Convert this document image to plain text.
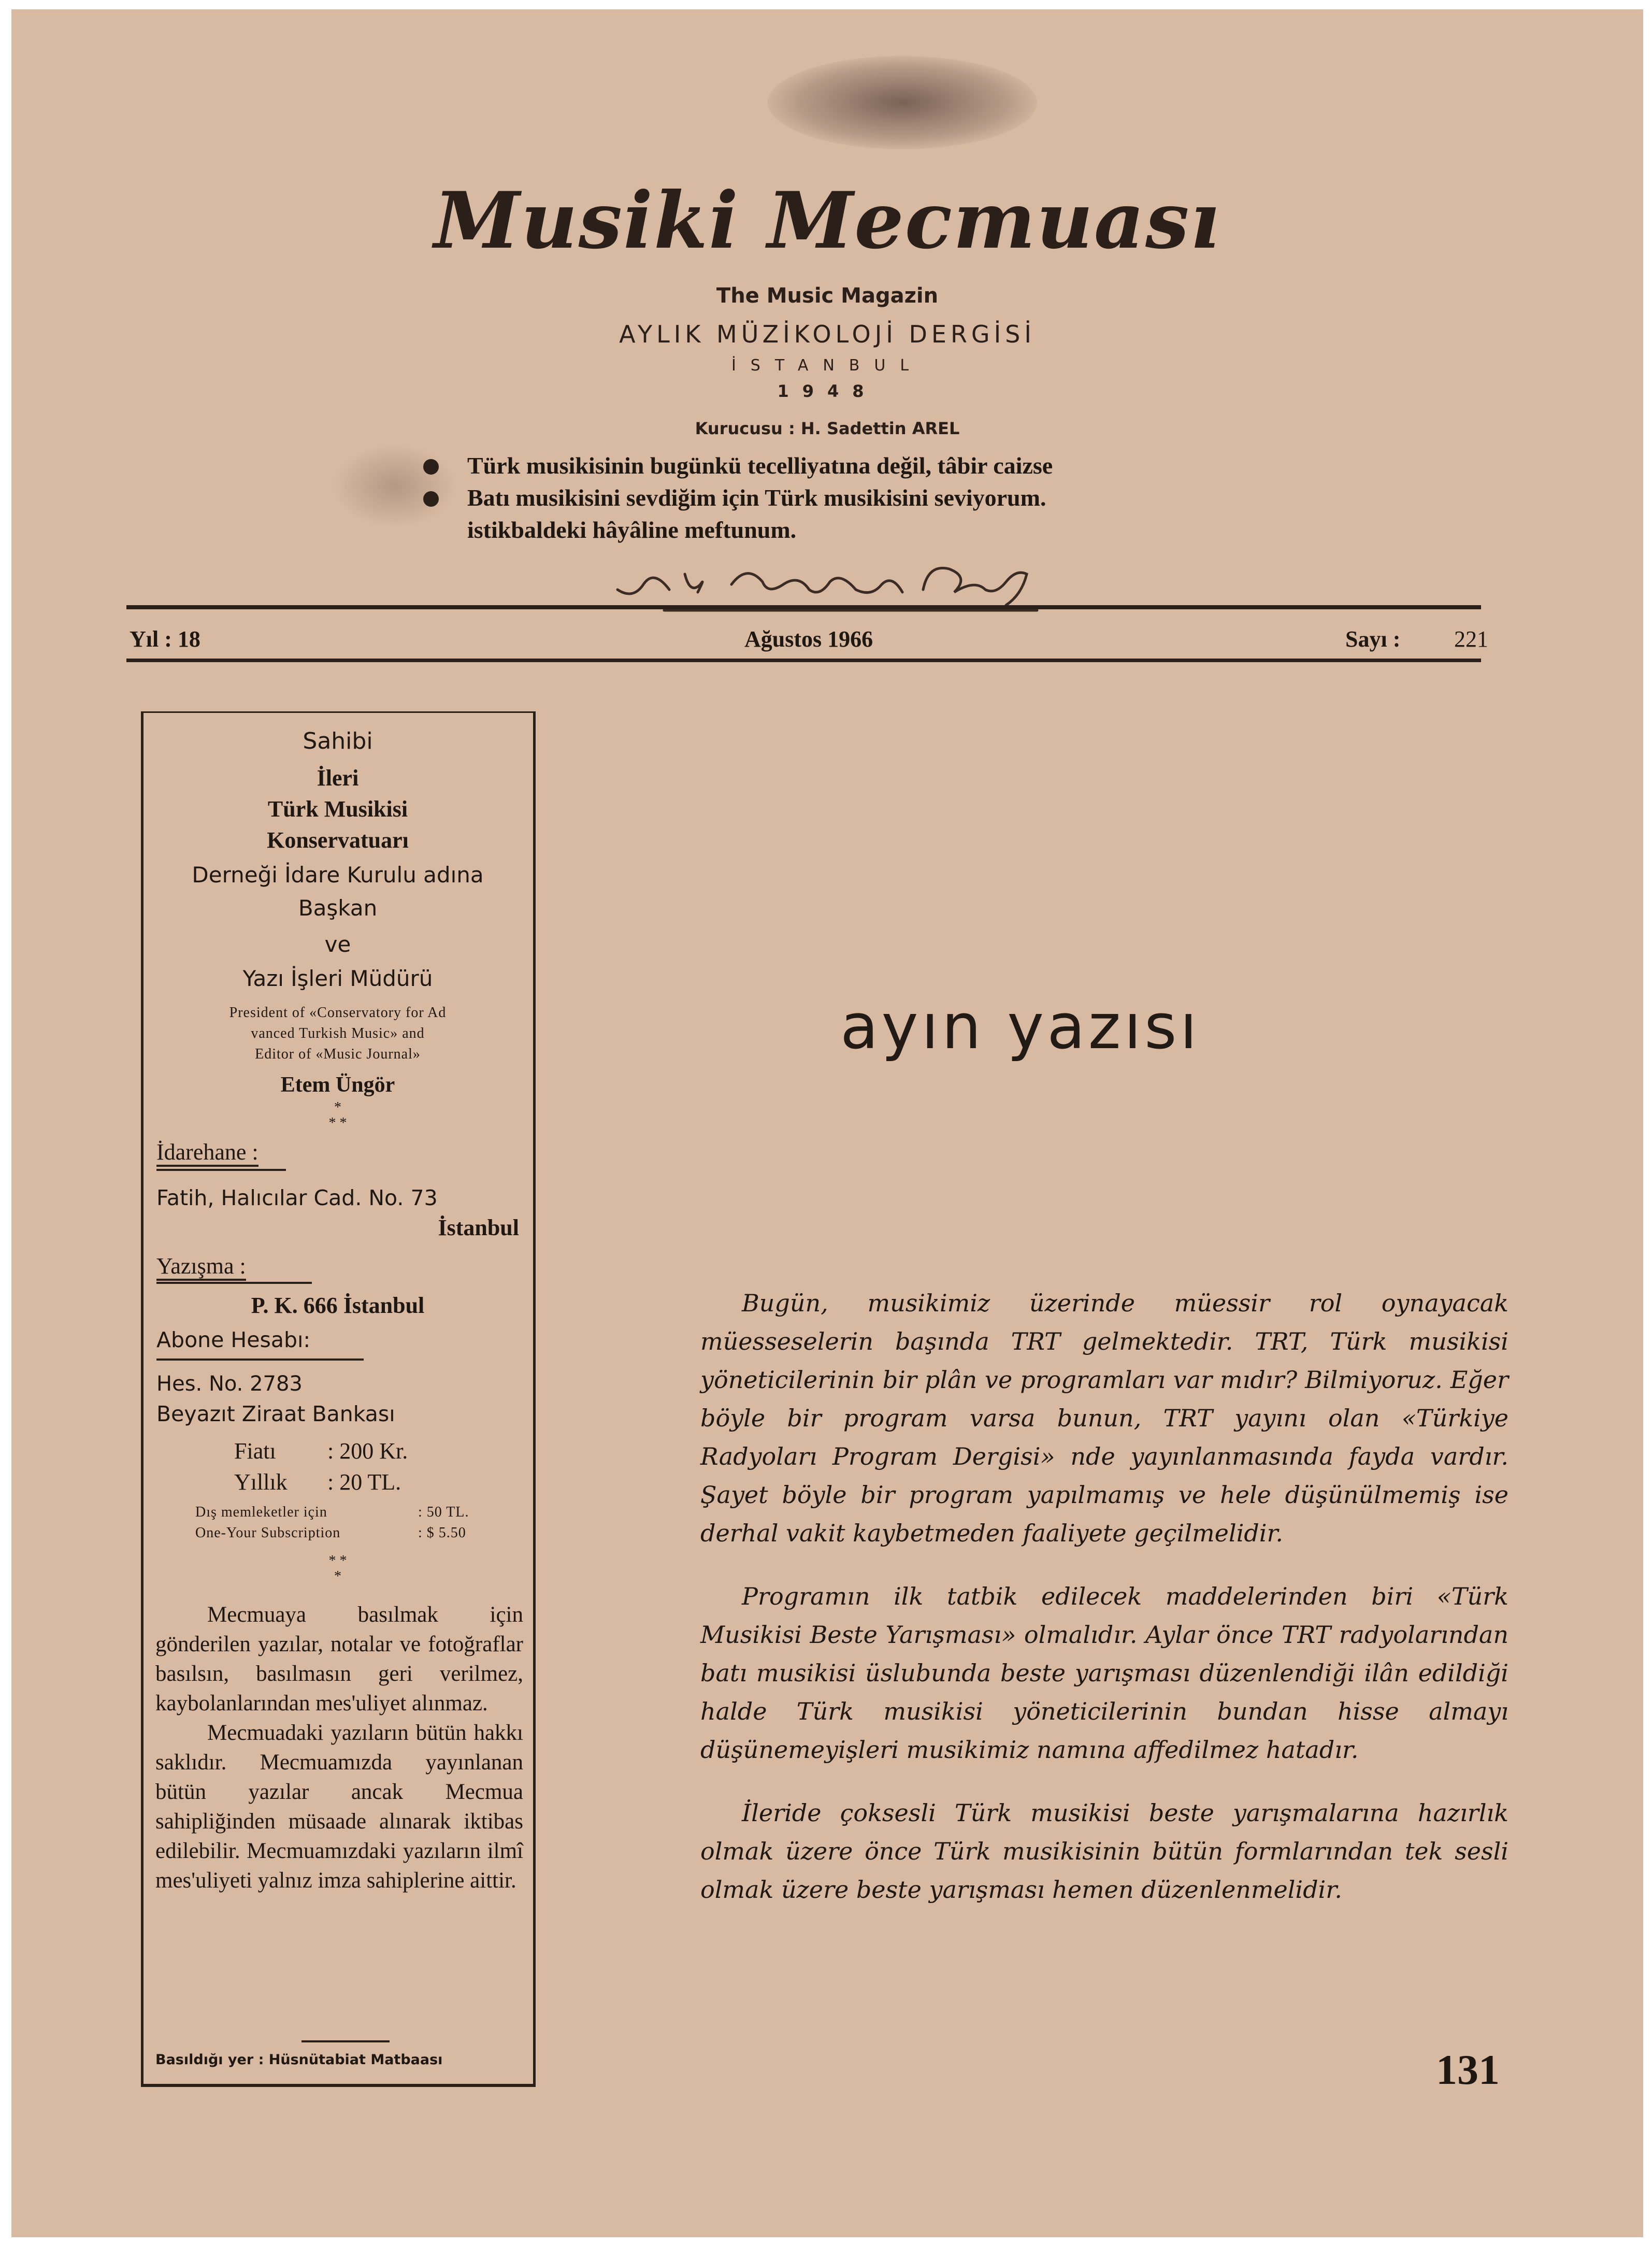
Musiki Mecmuası
The Music Magazin
AYLIK MÜZİKOLOJİ DERGİSİ
İSTANBUL
1948
Kurucusu : H. Sadettin AREL
Türk musikisinin bugünkü tecelliyatına değil, tâbir caizse
Batı musikisini sevdiğim için Türk musikisini seviyorum.
istikbaldeki hâyâline meftunum.
Yıl : 18	Ağustos 1966	Sayı : 221
Sahibi
İleri
Türk Musikisi
Konservatuarı
Derneği İdare Kurulu adına
Başkan
ve
Yazı İşleri Müdürü
President of «Conservatory for Ad
vanced Turkish Music» and
Editor of «Music Journal»
Etem Üngör
*
* *
İdarehane :
Fatih, Halıcılar Cad. No. 73
İstanbul
Yazışma :
P. K. 666 İstanbul
Abone Hesabı:
Hes. No. 2783
Beyazıt Ziraat Bankası
Fiatı : 200 Kr.
Yıllık : 20 TL.
Dış memleketler için	: 50 TL.
One-Your Subscription	: $ 5.50
* *
*

Mecmuaya basılmak için gönderilen yazılar, notalar ve fotoğraflar basılsın, basılmasın geri verilmez, kaybolanlarından mes'uliyet alınmaz.

Mecmuadaki yazıların bütün hakkı saklıdır. Mecmuamızda yayınlanan bütün yazılar ancak Mecmua sahipliğinden müsaade alınarak iktibas edilebilir. Mecmuamızdaki yazıların ilmî mes'uliyeti yalnız imza sahiplerine aittir.

Basıldığı yer : Hüsnütabiat Matbaası
ayın yazısı

Bugün, musikimiz üzerinde müessir rol oynayacak müesseselerin başında TRT gelmektedir. TRT, Türk musikisi yöneticilerinin bir plân ve programları var mıdır? Bilmiyoruz. Eğer böyle bir program varsa bunun, TRT yayını olan «Türkiye Radyoları Program Dergisi» nde yayınlanmasında fayda vardır. Şayet böyle bir program yapılmamış ve hele düşünülmemiş ise derhal vakit kaybetmeden faaliyete geçilmelidir.

Programın ilk tatbik edilecek maddelerinden biri «Türk Musikisi Beste Yarışması» olmalıdır. Aylar önce TRT radyolarından batı musikisi üslubunda beste yarışması düzenlendiği ilân edildiği halde Türk musikisi yöneticilerinin bundan hisse almayı düşünemeyişleri musikimiz namına affedilmez hatadır.

İleride çoksesli Türk musikisi beste yarışmalarına hazırlık olmak üzere önce Türk musikisinin bütün formlarından tek sesli olmak üzere beste yarışması hemen düzenlenmelidir.

131
